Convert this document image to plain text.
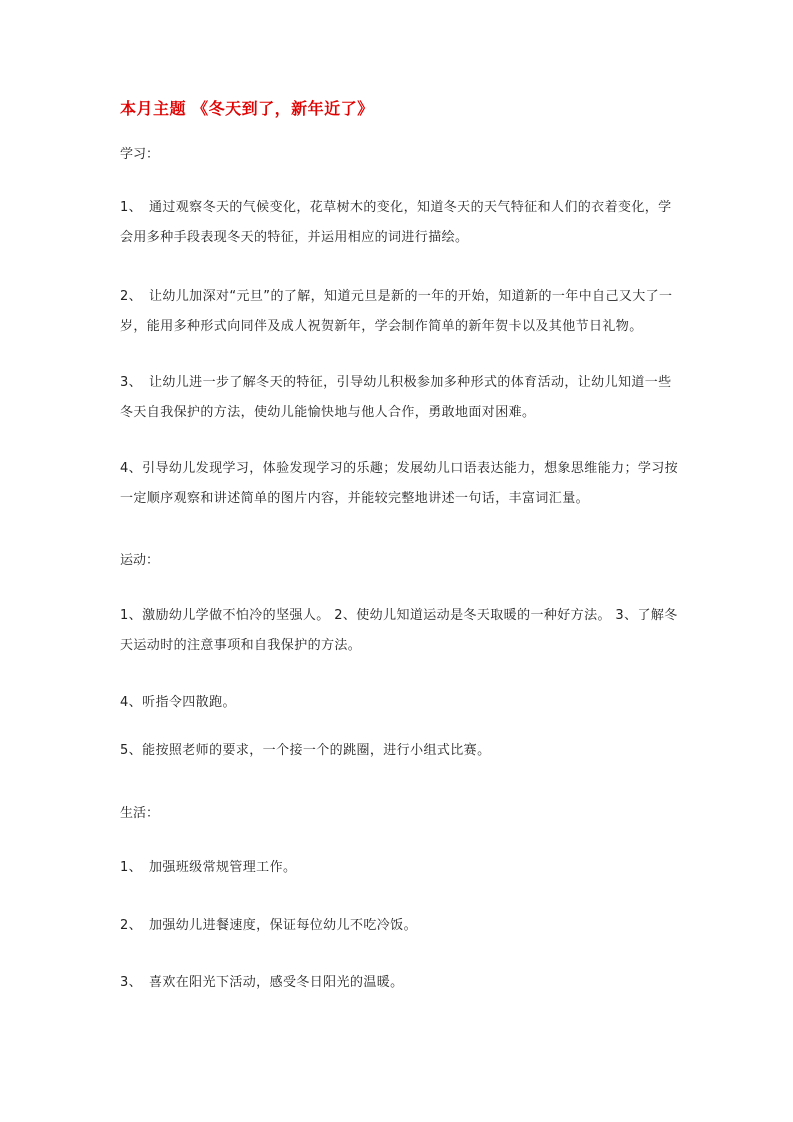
本月主题 《冬天到了，新年近了》
学习：
1、　通过观察冬天的气候变化，花草树木的变化，知道冬天的天气特征和人们的衣着变化，学会用多种手段表现冬天的特征，并运用相应的词进行描绘。
2、　让幼儿加深对“元旦”的了解，知道元旦是新的一年的开始，知道新的一年中自己又大了一岁，能用多种形式向同伴及成人祝贺新年，学会制作简单的新年贺卡以及其他节日礼物。
3、　让幼儿进一步了解冬天的特征，引导幼儿积极参加多种形式的体育活动，让幼儿知道一些冬天自我保护的方法，使幼儿能愉快地与他人合作，勇敢地面对困难。
4、引导幼儿发现学习，体验发现学习的乐趣；发展幼儿口语表达能力，想象思维能力；学习按一定顺序观察和讲述简单的图片内容，并能较完整地讲述一句话，丰富词汇量。
运动：
1、激励幼儿学做不怕冷的坚强人。 2、使幼儿知道运动是冬天取暖的一种好方法。 3、了解冬天运动时的注意事项和自我保护的方法。
4、听指令四散跑。
5、能按照老师的要求，一个接一个的跳圈，进行小组式比赛。
生活：
1、　加强班级常规管理工作。
2、　加强幼儿进餐速度，保证每位幼儿不吃冷饭。
3、　喜欢在阳光下活动，感受冬日阳光的温暖。
